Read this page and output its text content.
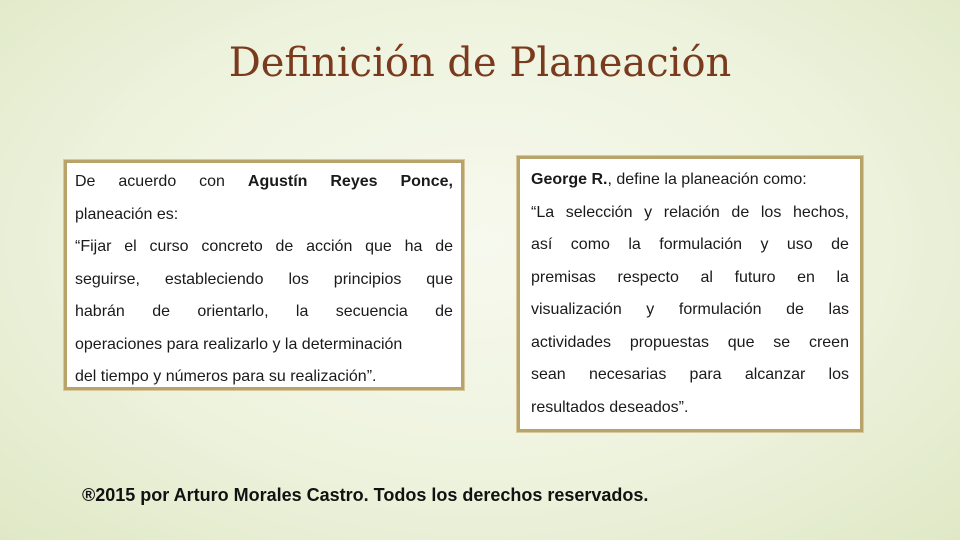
Definición de Planeación
De acuerdo con Agustín Reyes Ponce,
planeación es:
“Fijar el curso concreto de acción que ha de
seguirse, estableciendo los principios que
habrán de orientarlo, la secuencia de
operaciones para realizarlo y la determinación
del tiempo y números para su realización”.
George R., define la planeación como:
“La selección y relación de los hechos,
así como la formulación y uso de
premisas respecto al futuro en la
visualización y formulación de las
actividades propuestas que se creen
sean necesarias para alcanzar los
resultados deseados”.
®2015 por Arturo Morales Castro. Todos los derechos reservados.
